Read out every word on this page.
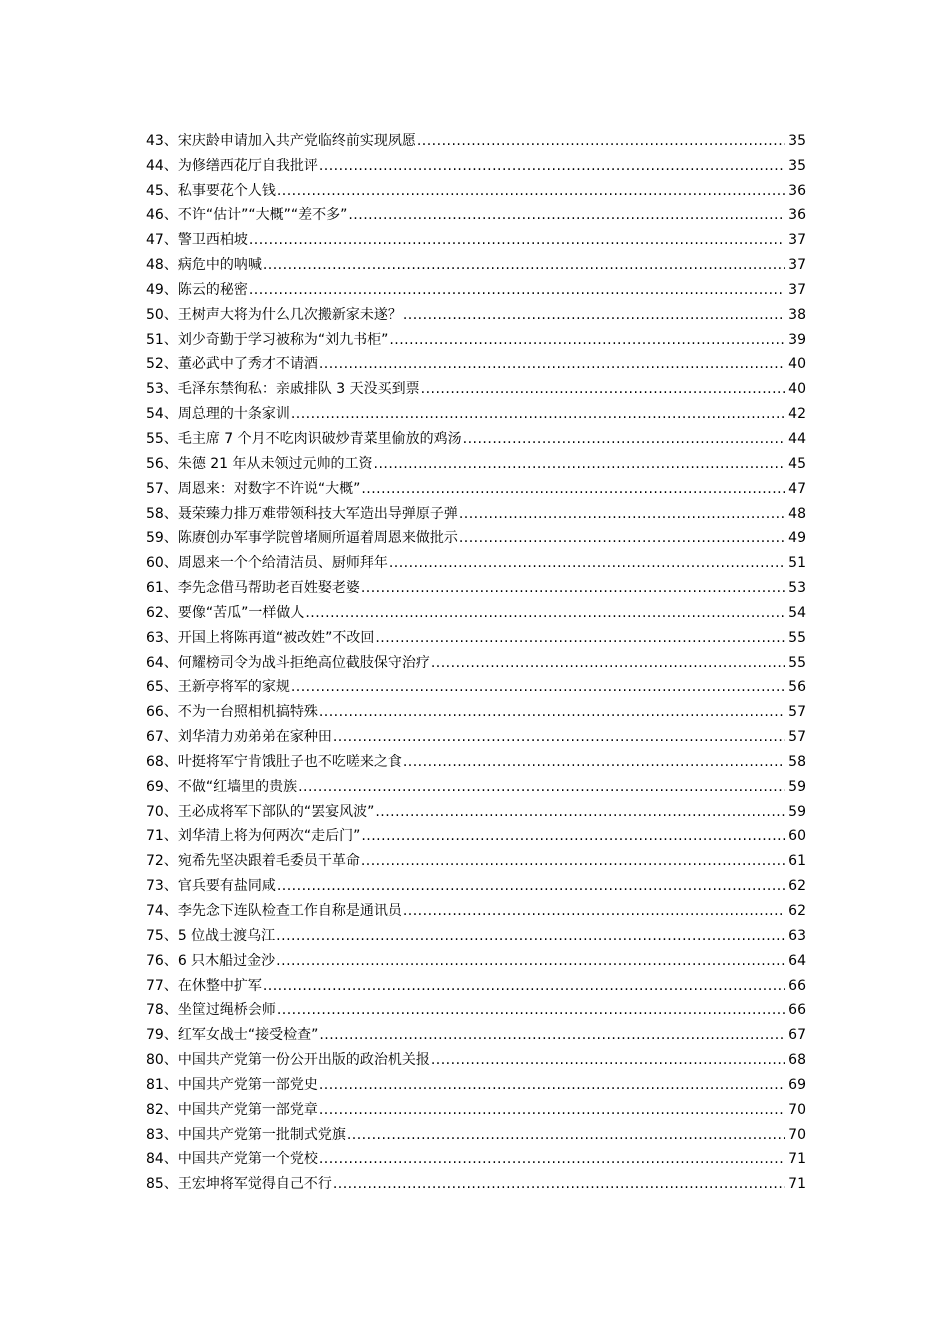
43、宋庆龄申请加入共产党临终前实现夙愿 .....	35
44、为修缮西花厅自我批评 .....	35
45、私事要花个人钱 .....	36
46、不许“估计”“大概”“差不多” .....	36
47、警卫西柏坡 .....	37
48、病危中的呐喊 .....	37
49、陈云的秘密 .....	37
50、王树声大将为什么几次搬新家未遂？ .....	38
51、刘少奇勤于学习被称为“刘九书柜” .....	39
52、董必武中了秀才不请酒 .....	40
53、毛泽东禁徇私：亲戚排队 3 天没买到票 .....	40
54、周总理的十条家训 .....	42
55、毛主席 7 个月不吃肉识破炒青菜里偷放的鸡汤 .....	44
56、朱德 21 年从未领过元帅的工资 .....	45
57、周恩来：对数字不许说“大概” .....	47
58、聂荣臻力排万难带领科技大军造出导弹原子弹 .....	48
59、陈赓创办军事学院曾堵厕所逼着周恩来做批示 .....	49
60、周恩来一个个给清洁员、厨师拜年 .....	51
61、李先念借马帮助老百姓娶老婆 .....	53
62、要像“苦瓜”一样做人 .....	54
63、开国上将陈再道“被改姓”不改回 .....	55
64、何耀榜司令为战斗拒绝高位截肢保守治疗 .....	55
65、王新亭将军的家规 .....	56
66、不为一台照相机搞特殊 .....	57
67、刘华清力劝弟弟在家种田 .....	57
68、叶挺将军宁肯饿肚子也不吃嗟来之食 .....	58
69、不做“红墙里的贵族 .....	59
70、王必成将军下部队的“罢宴风波” .....	59
71、刘华清上将为何两次“走后门” .....	60
72、宛希先坚决跟着毛委员干革命 .....	61
73、官兵要有盐同咸 .....	62
74、李先念下连队检查工作自称是通讯员 .....	62
75、5 位战士渡乌江 .....	63
76、6 只木船过金沙 .....	64
77、在休整中扩军 .....	66
78、坐筐过绳桥会师 .....	66
79、红军女战士“接受检查” .....	67
80、中国共产党第一份公开出版的政治机关报 .....	68
81、中国共产党第一部党史 .....	69
82、中国共产党第一部党章 .....	70
83、中国共产党第一批制式党旗 .....	70
84、中国共产党第一个党校 .....	71
85、王宏坤将军觉得自己不行 .....	71
